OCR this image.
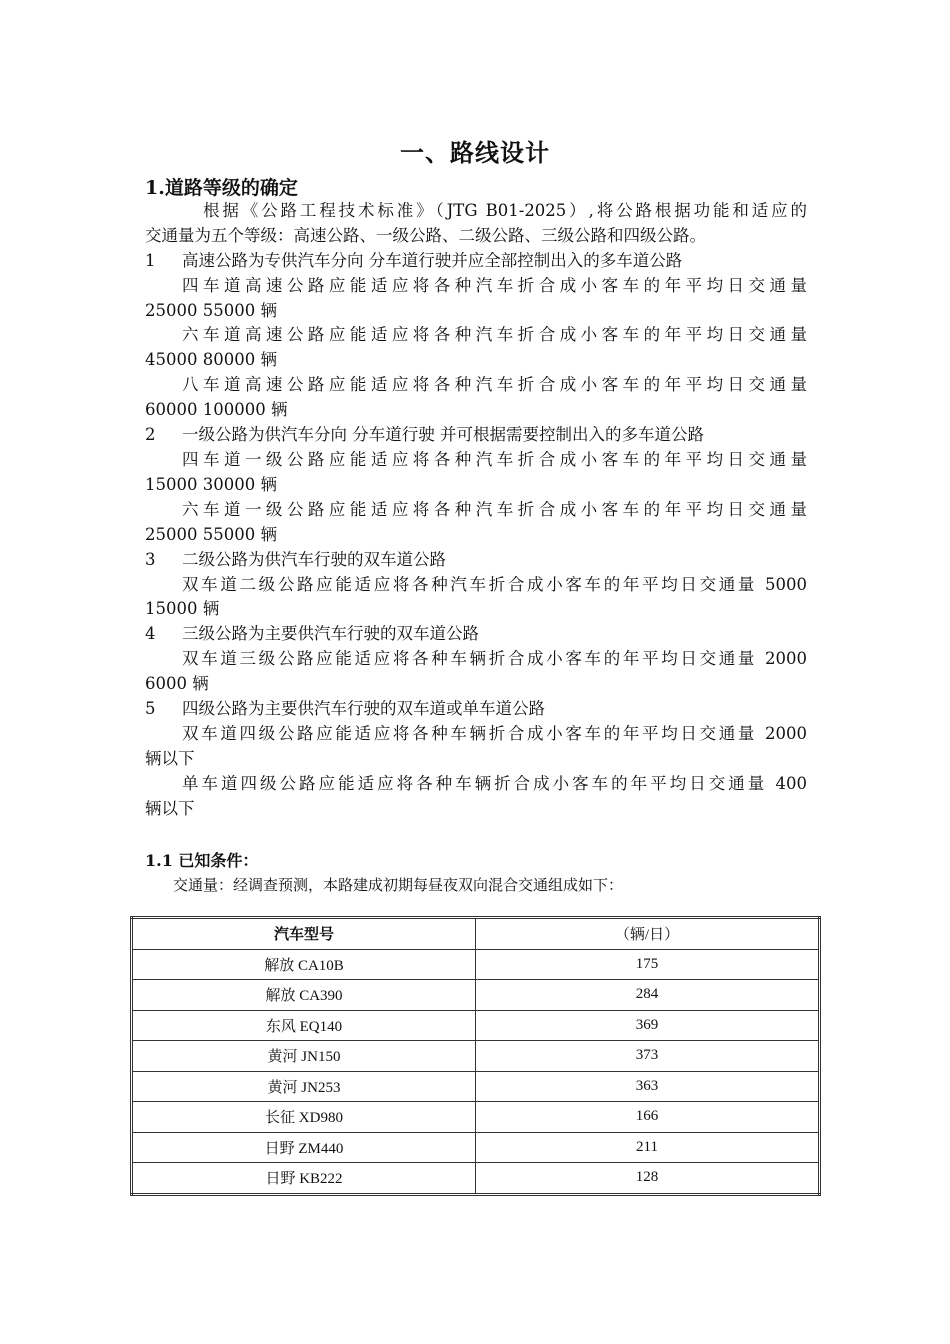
一、路线设计
1.道路等级的确定
根据《公路工程技术标准》（JTG B01-2025）,将公路根据功能和适应的
交通量为五个等级：高速公路、一级公路、二级公路、三级公路和四级公路。
1 高速公路为专供汽车分向 分车道行驶并应全部控制出入的多车道公路
四车道高速公路应能适应将各种汽车折合成小客车的年平均日交通量
25000 55000 辆
六车道高速公路应能适应将各种汽车折合成小客车的年平均日交通量
45000 80000 辆
八车道高速公路应能适应将各种汽车折合成小客车的年平均日交通量
60000 100000 辆
2 一级公路为供汽车分向 分车道行驶 并可根据需要控制出入的多车道公路
四车道一级公路应能适应将各种汽车折合成小客车的年平均日交通量
15000 30000 辆
六车道一级公路应能适应将各种汽车折合成小客车的年平均日交通量
25000 55000 辆
3 二级公路为供汽车行驶的双车道公路
双车道二级公路应能适应将各种汽车折合成小客车的年平均日交通量 5000
15000 辆
4 三级公路为主要供汽车行驶的双车道公路
双车道三级公路应能适应将各种车辆折合成小客车的年平均日交通量 2000
6000 辆
5 四级公路为主要供汽车行驶的双车道或单车道公路
双车道四级公路应能适应将各种车辆折合成小客车的年平均日交通量 2000
辆以下
单车道四级公路应能适应将各种车辆折合成小客车的年平均日交通量 400
辆以下
1.1 已知条件：
交通量：经调查预测，本路建成初期每昼夜双向混合交通组成如下：
汽车型号	（辆/日）
解放 CA10B	175
解放 CA390	284
东风 EQ140	369
黄河 JN150	373
黄河 JN253	363
长征 XD980	166
日野 ZM440	211
日野 KB222	128
